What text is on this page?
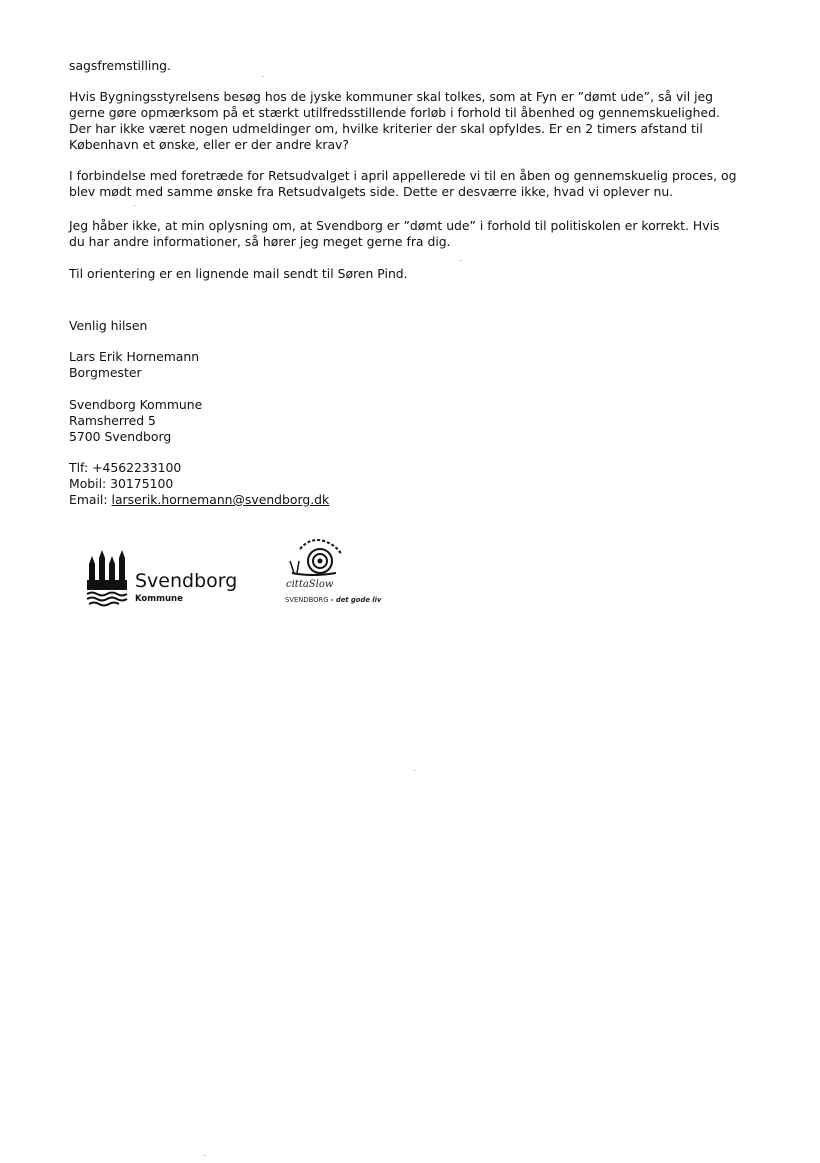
sagsfremstilling.
Hvis Bygningsstyrelsens besøg hos de jyske kommuner skal tolkes, som at Fyn er ”dømt ude”, så vil jeg
gerne gøre opmærksom på et stærkt utilfredsstillende forløb i forhold til åbenhed og gennemskuelighed.
Der har ikke været nogen udmeldinger om, hvilke kriterier der skal opfyldes. Er en 2 timers afstand til
København et ønske, eller er der andre krav?
I forbindelse med foretræde for Retsudvalget i april appellerede vi til en åben og gennemskuelig proces, og
blev mødt med samme ønske fra Retsudvalgets side. Dette er desværre ikke, hvad vi oplever nu.
Jeg håber ikke, at min oplysning om, at Svendborg er ”dømt ude” i forhold til politiskolen er korrekt. Hvis
du har andre informationer, så hører jeg meget gerne fra dig.
Til orientering er en lignende mail sendt til Søren Pind.
Venlig hilsen
Lars Erik Hornemann
Borgmester
Svendborg Kommune
Ramsherred 5
5700 Svendborg
Tlf: +4562233100
Mobil: 30175100
Email: larserik.hornemann@svendborg.dk
Svendborg
Kommune
cittaSlow
SVENDBORG - det gode liv
